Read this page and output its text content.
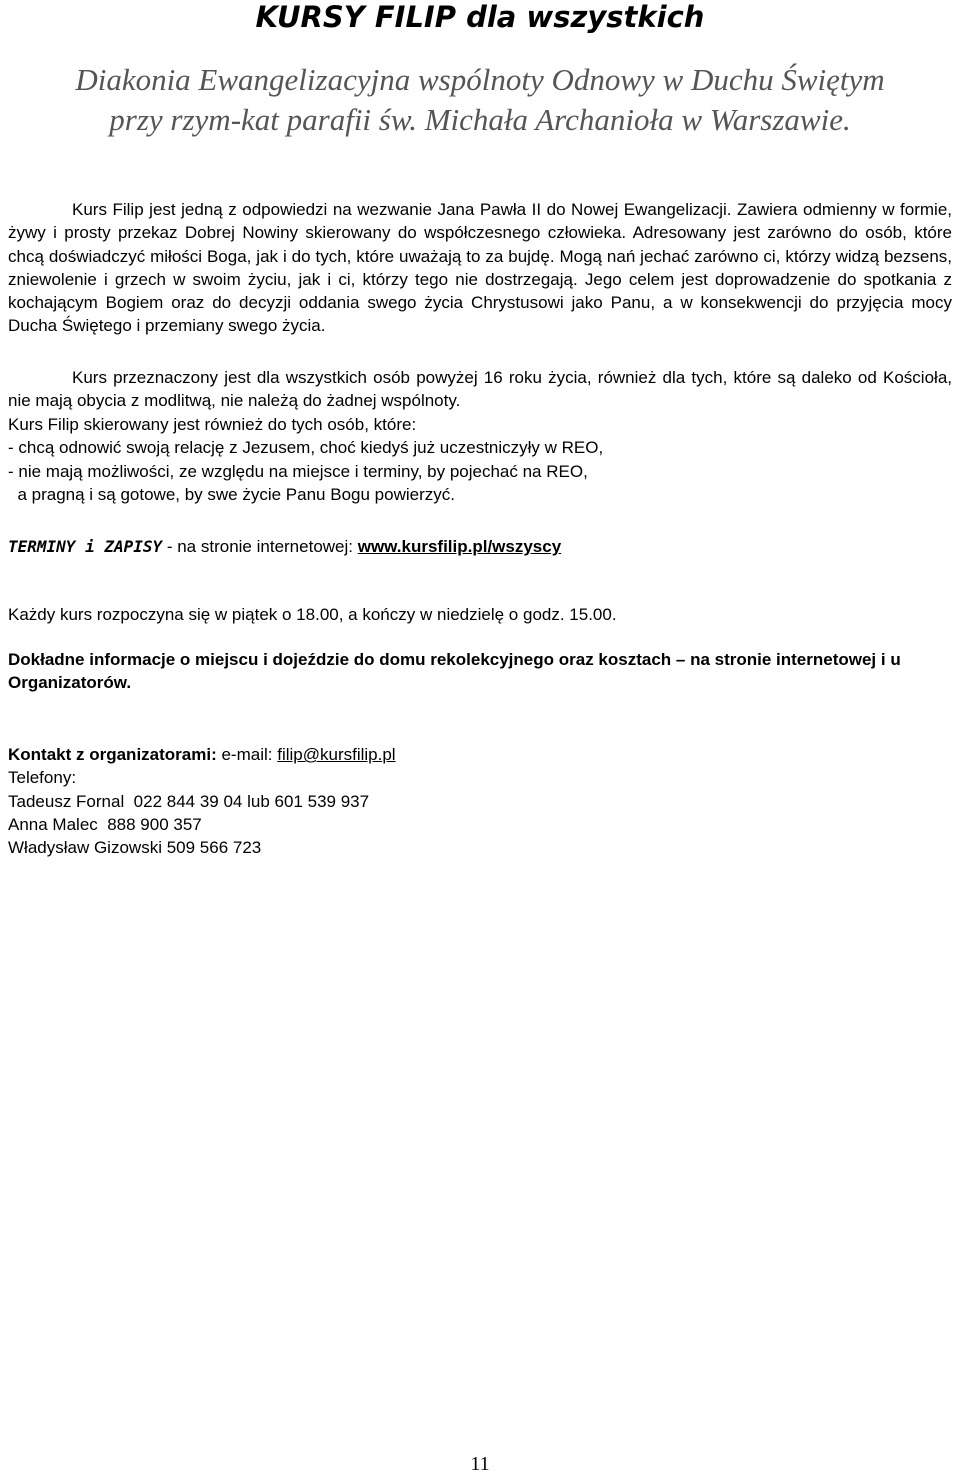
KURSY FILIP dla wszystkich
Diakonia Ewangelizacyjna wspólnoty Odnowy w Duchu Świętym
przy rzym-kat parafii św. Michała Archanioła w Warszawie.
Kurs Filip jest jedną z odpowiedzi na wezwanie Jana Pawła II do Nowej Ewangelizacji. Zawiera odmienny w formie, żywy i prosty przekaz Dobrej Nowiny skierowany do współczesnego człowieka. Adresowany jest zarówno do osób, które chcą doświadczyć miłości Boga, jak i do tych, które uważają to za bujdę. Mogą nań jechać zarówno ci, którzy widzą bezsens, zniewolenie i grzech w swoim życiu, jak i ci, którzy tego nie dostrzegają. Jego celem jest doprowadzenie do spotkania z kochającym Bogiem oraz do decyzji oddania swego życia Chrystusowi jako Panu, a w konsekwencji do przyjęcia mocy Ducha Świętego i przemiany swego życia.
Kurs przeznaczony jest dla wszystkich osób powyżej 16 roku życia, również dla tych, które są daleko od Kościoła, nie mają obycia z modlitwą, nie należą do żadnej wspólnoty.
Kurs Filip skierowany jest również do tych osób, które:
- chcą odnowić swoją relację z Jezusem, choć kiedyś już uczestniczyły w REO,
- nie mają możliwości, ze względu na miejsce i terminy, by pojechać na REO,
a pragną i są gotowe, by swe życie Panu Bogu powierzyć.
TERMINY i ZAPISY - na stronie internetowej: www.kursfilip.pl/wszyscy
Każdy kurs rozpoczyna się w piątek o 18.00, a kończy w niedzielę o godz. 15.00.
Dokładne informacje o miejscu i dojeździe do domu rekolekcyjnego oraz kosztach – na stronie internetowej i u Organizatorów.
Kontakt z organizatorami: e-mail: filip@kursfilip.pl
Telefony:
Tadeusz Fornal  022 844 39 04 lub 601 539 937
Anna Malec  888 900 357
Władysław Gizowski 509 566 723
11
